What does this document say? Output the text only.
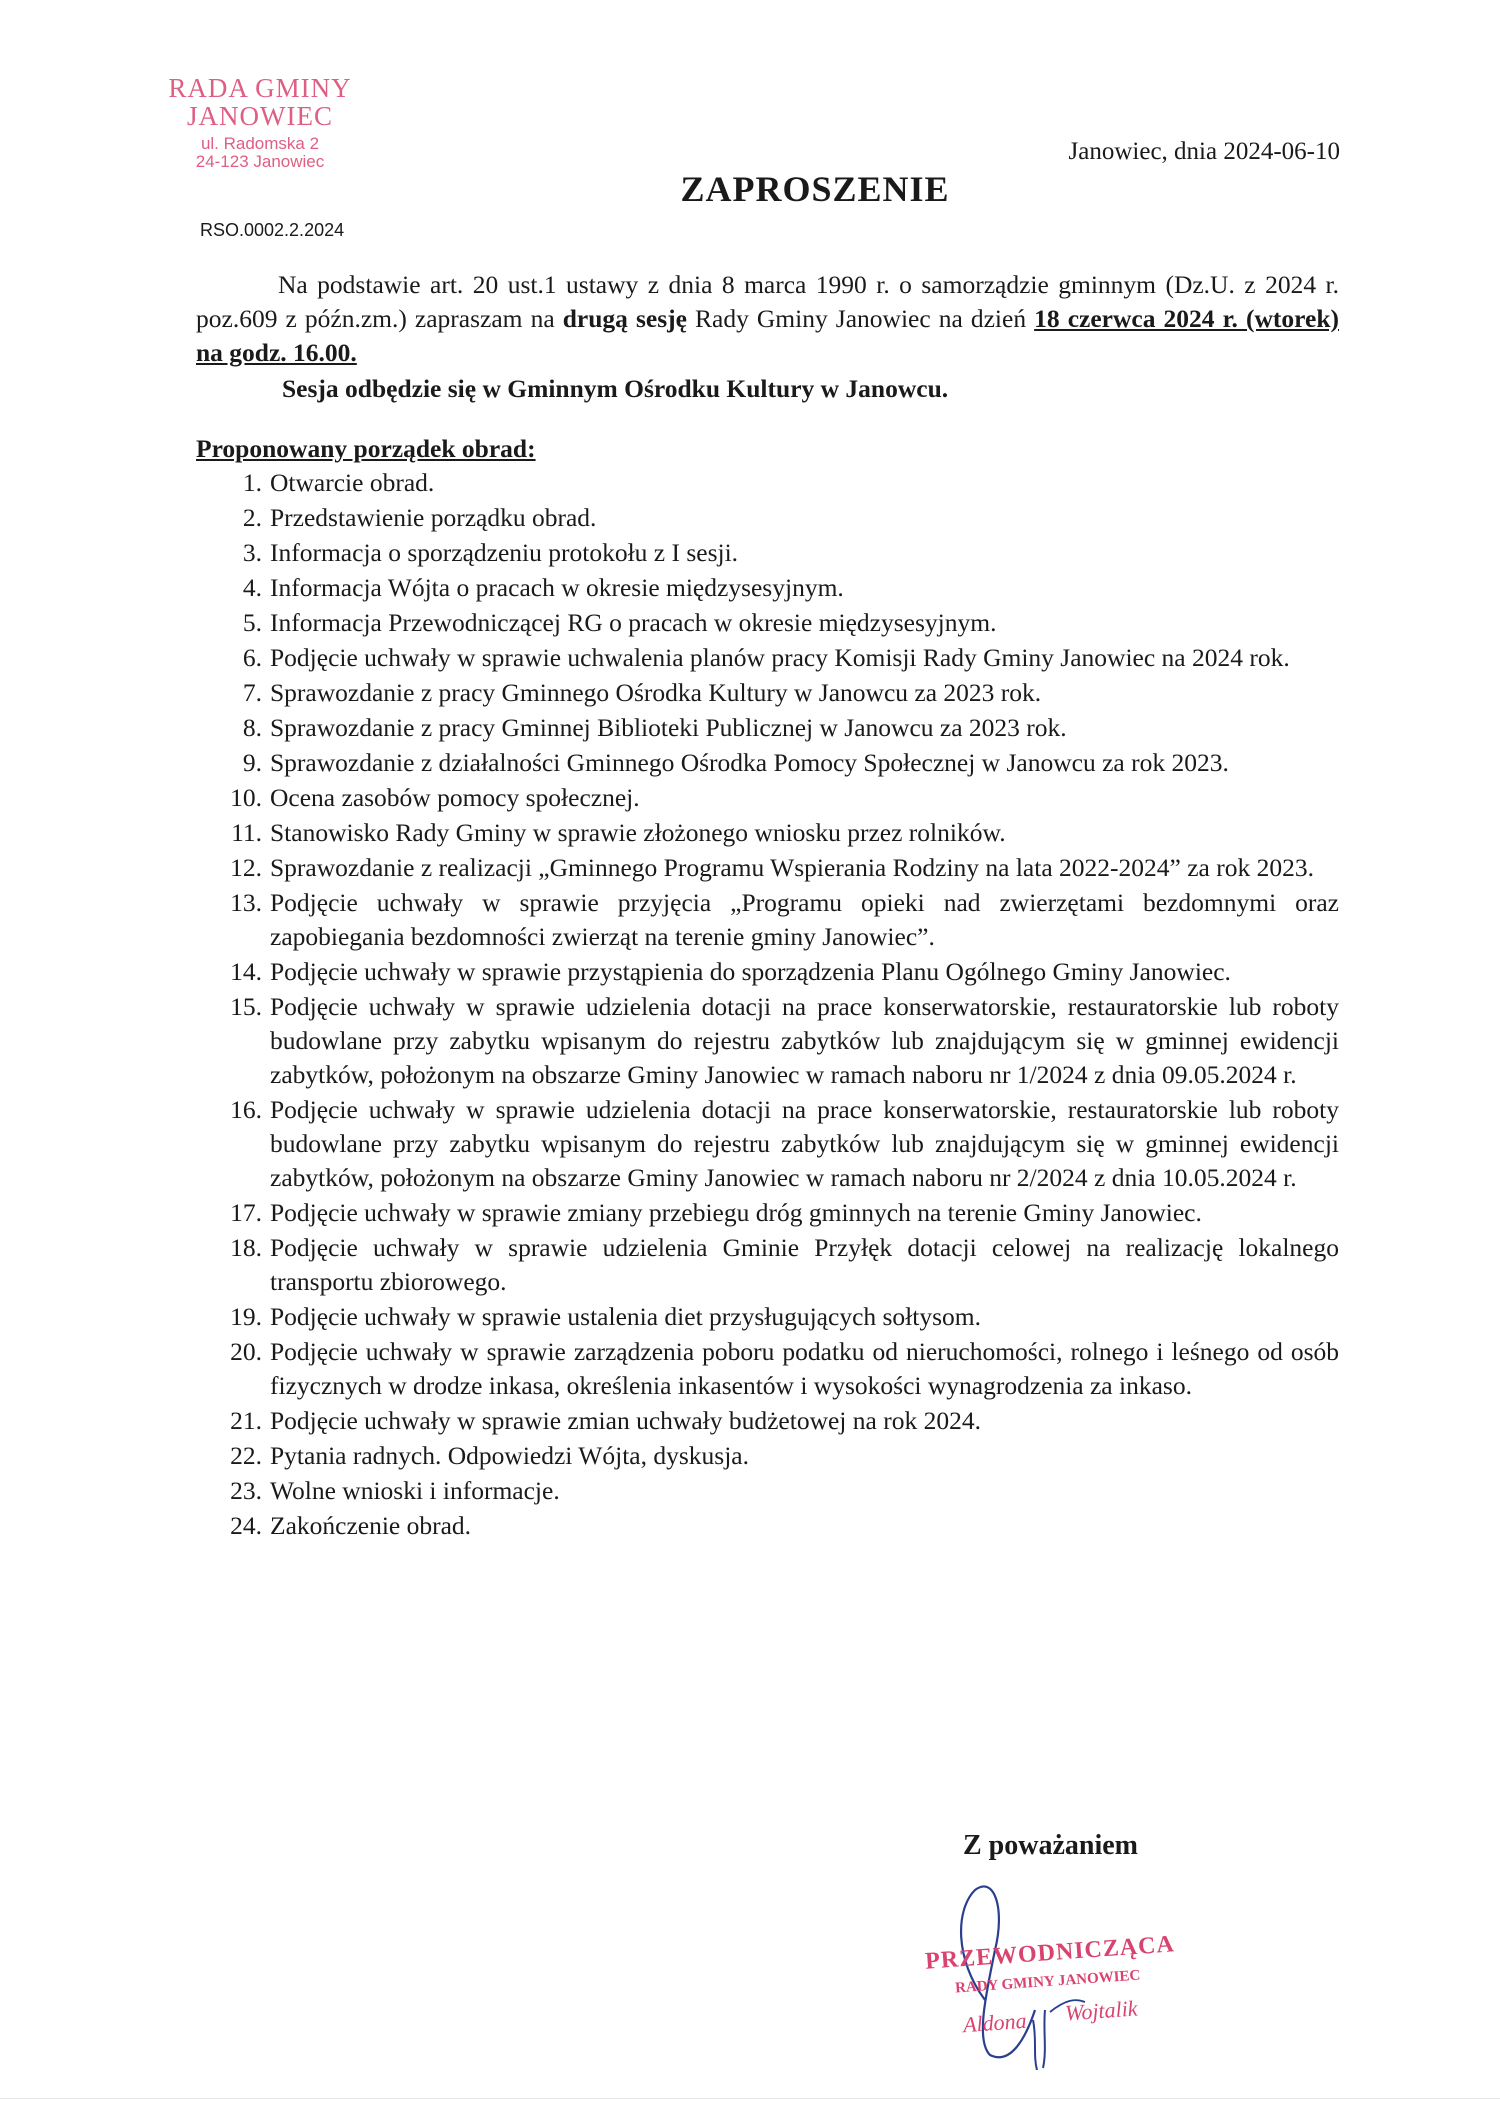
RADA GMINY
JANOWIEC
ul. Radomska 2
24-123 Janowiec	Janowiec, dnia 2024-06-10

ZAPROSZENIE

RSO.0002.2.2024

Na podstawie art. 20 ust.1 ustawy z dnia 8 marca 1990 r. o samorządzie gminnym (Dz.U. z 2024 r. poz.609 z późn.zm.) zapraszam na drugą sesję Rady Gminy Janowiec na dzień 18 czerwca 2024 r. (wtorek) na godz. 16.00.

Sesja odbędzie się w Gminnym Ośrodku Kultury w Janowcu.

Proponowany porządek obrad:

1. Otwarcie obrad.
2. Przedstawienie porządku obrad.
3. Informacja o sporządzeniu protokołu z I sesji.
4. Informacja Wójta o pracach w okresie międzysesyjnym.
5. Informacja Przewodniczącej RG o pracach w okresie międzysesyjnym.
6. Podjęcie uchwały w sprawie uchwalenia planów pracy Komisji Rady Gminy Janowiec na 2024 rok.
7. Sprawozdanie z pracy Gminnego Ośrodka Kultury w Janowcu za 2023 rok.
8. Sprawozdanie z pracy Gminnej Biblioteki Publicznej w Janowcu za 2023 rok.
9. Sprawozdanie z działalności Gminnego Ośrodka Pomocy Społecznej w Janowcu za rok 2023.
10. Ocena zasobów pomocy społecznej.
11. Stanowisko Rady Gminy w sprawie złożonego wniosku przez rolników.
12. Sprawozdanie z realizacji „Gminnego Programu Wspierania Rodziny na lata 2022-2024” za rok 2023.
13. Podjęcie uchwały w sprawie przyjęcia „Programu opieki nad zwierzętami bezdomnymi oraz zapobiegania bezdomności zwierząt na terenie gminy Janowiec”.
14. Podjęcie uchwały w sprawie przystąpienia do sporządzenia Planu Ogólnego Gminy Janowiec.
15. Podjęcie uchwały w sprawie udzielenia dotacji na prace konserwatorskie, restauratorskie lub roboty budowlane przy zabytku wpisanym do rejestru zabytków lub znajdującym się w gminnej ewidencji zabytków, położonym na obszarze Gminy Janowiec w ramach naboru nr 1/2024 z dnia 09.05.2024 r.
16. Podjęcie uchwały w sprawie udzielenia dotacji na prace konserwatorskie, restauratorskie lub roboty budowlane przy zabytku wpisanym do rejestru zabytków lub znajdującym się w gminnej ewidencji zabytków, położonym na obszarze Gminy Janowiec w ramach naboru nr 2/2024 z dnia 10.05.2024 r.
17. Podjęcie uchwały w sprawie zmiany przebiegu dróg gminnych na terenie Gminy Janowiec.
18. Podjęcie uchwały w sprawie udzielenia Gminie Przyłęk dotacji celowej na realizację lokalnego transportu zbiorowego.
19. Podjęcie uchwały w sprawie ustalenia diet przysługujących sołtysom.
20. Podjęcie uchwały w sprawie zarządzenia poboru podatku od nieruchomości, rolnego i leśnego od osób fizycznych w drodze inkasa, określenia inkasentów i wysokości wynagrodzenia za inkaso.
21. Podjęcie uchwały w sprawie zmian uchwały budżetowej na rok 2024.
22. Pytania radnych. Odpowiedzi Wójta, dyskusja.
23. Wolne wnioski i informacje.
24. Zakończenie obrad.

Z poważaniem

PRZEWODNICZĄCA
RADY GMINY JANOWIEC
Aldona Wojtalik
